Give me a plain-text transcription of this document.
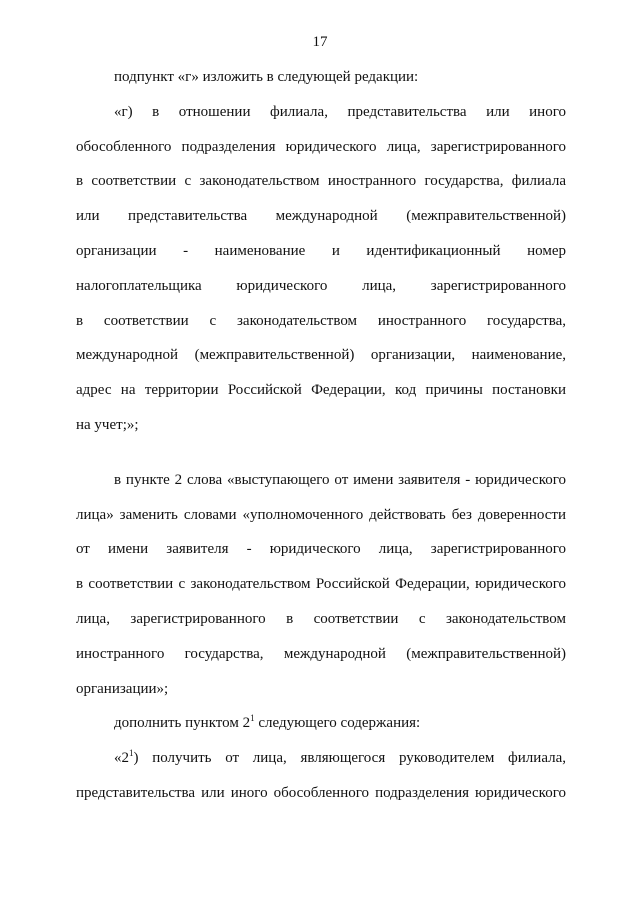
17
подпункт «г» изложить в следующей редакции:
«г) в отношении филиала, представительства или иного
обособленного подразделения юридического лица, зарегистрированного
в соответствии с законодательством иностранного государства, филиала
или представительства международной (межправительственной)
организации - наименование и идентификационный номер
налогоплательщика юридического лица, зарегистрированного
в соответствии с законодательством иностранного государства,
международной (межправительственной) организации, наименование,
адрес на территории Российской Федерации, код причины постановки
на учет;»;
в пункте 2 слова «выступающего от имени заявителя - юридического
лица» заменить словами «уполномоченного действовать без доверенности
от имени заявителя - юридического лица, зарегистрированного
в соответствии с законодательством Российской Федерации, юридического
лица, зарегистрированного в соответствии с законодательством
иностранного государства, международной (межправительственной)
организации»;
дополнить пунктом $2^1$ следующего содержания:
«$2^1$) получить от лица, являющегося руководителем филиала,
представительства или иного обособленного подразделения юридического
